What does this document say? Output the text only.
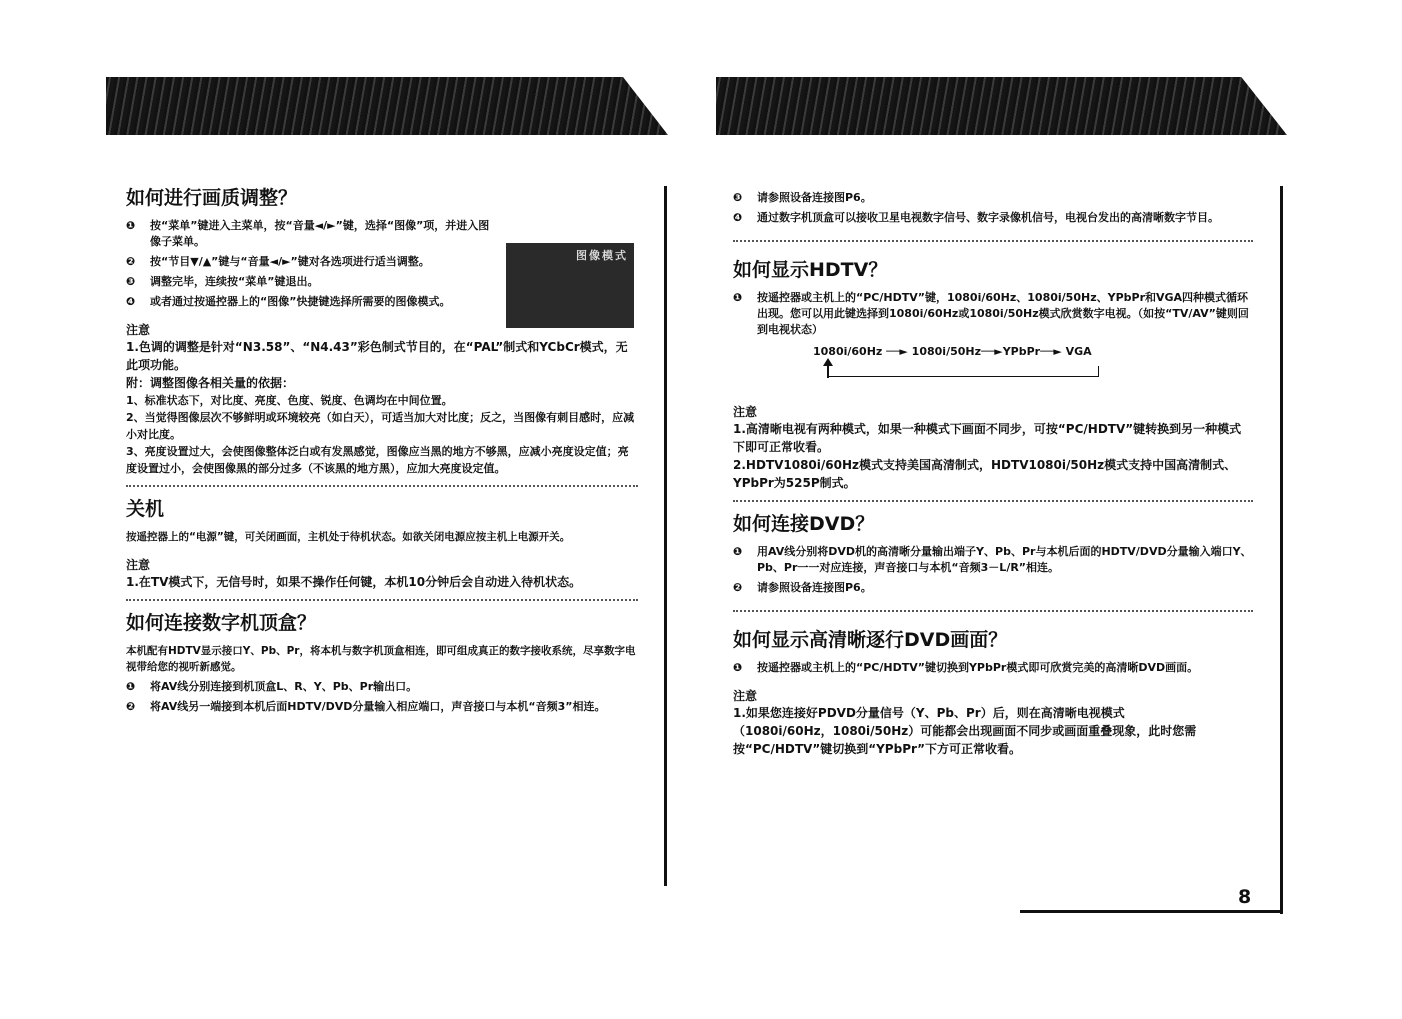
如何进行画质调整？
❶	按“菜单”键进入主菜单，按“音量◄/►”键，选择“图像”项，并进入图像子菜单。
❷	按“节目▼/▲”键与“音量◄/►”键对各选项进行适当调整。
❸	调整完毕，连续按“菜单”键退出。
❹	或者通过按遥控器上的“图像”快捷键选择所需要的图像模式。
注意
1.色调的调整是针对“N3.58”、“N4.43”彩色制式节目的，在“PAL”制式和YCbCr模式，无此项功能。
附：调整图像各相关量的依据：
1、标准状态下，对比度、亮度、色度、锐度、色调均在中间位置。
2、当觉得图像层次不够鲜明或环境较亮（如白天），可适当加大对比度；反之，当图像有刺目感时，应减小对比度。
3、亮度设置过大，会使图像整体泛白或有发黑感觉，图像应当黑的地方不够黑，应减小亮度设定值；亮度设置过小，会使图像黑的部分过多（不该黑的地方黑），应加大亮度设定值。
关机
按遥控器上的“电源”键，可关闭画面，主机处于待机状态。如欲关闭电源应按主机上电源开关。
注意
1.在TV模式下，无信号时，如果不操作任何键，本机10分钟后会自动进入待机状态。
如何连接数字机顶盒？
本机配有HDTV显示接口Y、Pb、Pr，将本机与数字机顶盒相连，即可组成真正的数字接收系统，尽享数字电视带给您的视听新感觉。
❶	将AV线分别连接到机顶盒L、R、Y、Pb、Pr输出口。
❷	将AV线另一端接到本机后面HDTV/DVD分量输入相应端口，声音接口与本机“音频3”相连。
图像模式
❸	请参照设备连接图P6。
❹	通过数字机顶盒可以接收卫星电视数字信号、数字录像机信号，电视台发出的高清晰数字节目。
如何显示HDTV？
❶	按遥控器或主机上的“PC/HDTV”键，1080i/60Hz、1080i/50Hz、YPbPr和VGA四种模式循环出现。您可以用此键选择到1080i/60Hz或1080i/50Hz模式欣赏数字电视。（如按“TV/AV”键则回到电视状态）
1080i/60Hz ──► 1080i/50Hz──►YPbPr──► VGA
注意
1.高清晰电视有两种模式，如果一种模式下画面不同步，可按“PC/HDTV”键转换到另一种模式下即可正常收看。
2.HDTV1080i/60Hz模式支持美国高清制式，HDTV1080i/50Hz模式支持中国高清制式、YPbPr为525P制式。
如何连接DVD？
❶	用AV线分别将DVD机的高清晰分量输出端子Y、Pb、Pr与本机后面的HDTV/DVD分量输入端口Y、Pb、Pr一一对应连接，声音接口与本机“音频3－L/R”相连。
❷	请参照设备连接图P6。
如何显示高清晰逐行DVD画面？
❶	按遥控器或主机上的“PC/HDTV”键切换到YPbPr模式即可欣赏完美的高清晰DVD画面。
注意
1.如果您连接好PDVD分量信号（Y、Pb、Pr）后，则在高清晰电视模式（1080i/60Hz，1080i/50Hz）可能都会出现画面不同步或画面重叠现象，此时您需按“PC/HDTV”键切换到“YPbPr”下方可正常收看。
8
